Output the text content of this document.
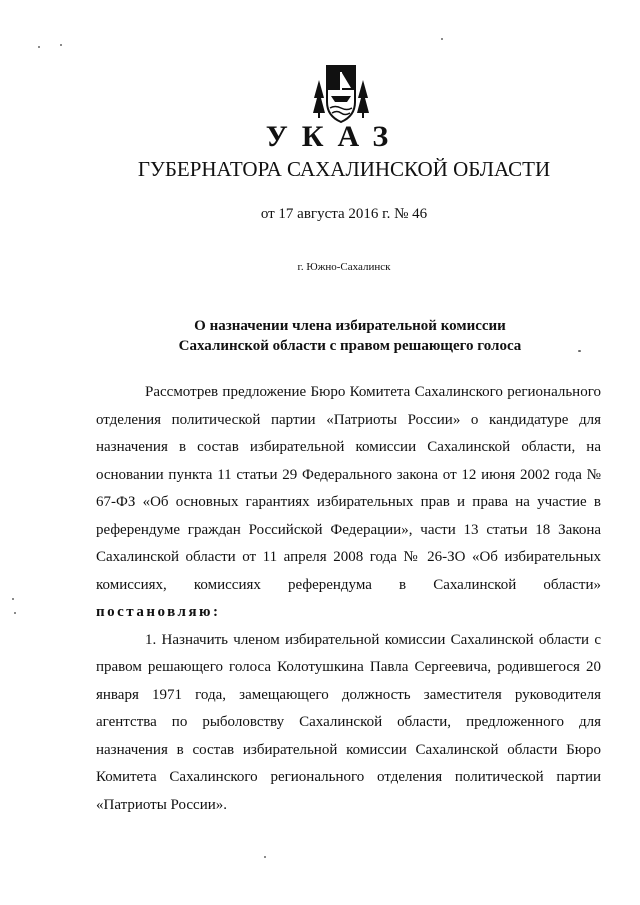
УКАЗ
ГУБЕРНАТОРА САХАЛИНСКОЙ ОБЛАСТИ
от 17 августа 2016 г. № 46
г. Южно-Сахалинск
О назначении члена избирательной комиссии
Сахалинской области с правом решающего голоса

Рассмотрев предложение Бюро Комитета Сахалинского регионального отделения политической партии «Патриоты России» о кандидатуре для назначения в состав избирательной комиссии Сахалинской области, на основании пункта 11 статьи 29 Федерального закона от 12 июня 2002 года № 67-ФЗ «Об основных гарантиях избирательных прав и права на участие в референдуме граждан Российской Федерации», части 13 статьи 18 Закона Сахалинской области от 11 апреля 2008 года № 26-ЗО «Об избирательных комиссиях, комиссиях референдума в Сахалинской области» постановляю:

1. Назначить членом избирательной комиссии Сахалинской области с правом решающего голоса Колотушкина Павла Сергеевича, родившегося 20 января 1971 года, замещающего должность заместителя руководителя агентства по рыболовству Сахалинской области, предложенного для назначения в состав избирательной комиссии Сахалинской области Бюро Комитета Сахалинского регионального отделения политической партии «Патриоты России».
